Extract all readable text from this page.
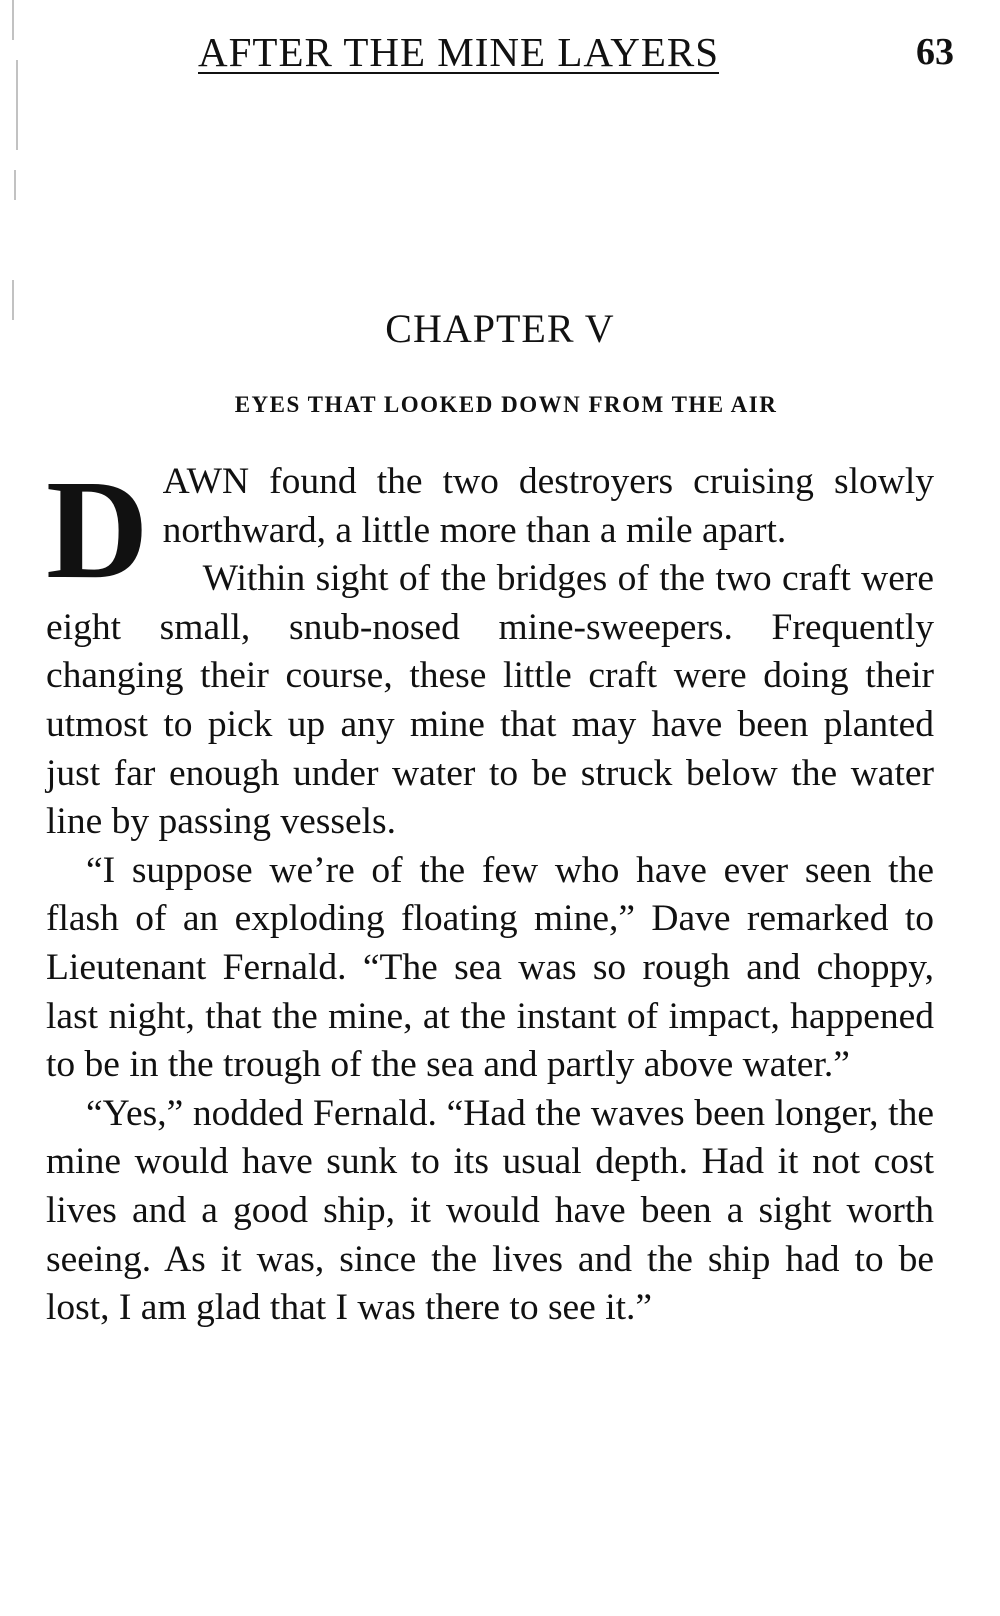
AFTER THE MINE LAYERS	63
CHAPTER V
EYES THAT LOOKED DOWN FROM THE AIR

DAWN found the two destroyers cruising slowly northward, a little more than a mile apart.

Within sight of the bridges of the two craft were eight small, snub-nosed mine-sweepers. Frequently changing their course, these little craft were doing their utmost to pick up any mine that may have been planted just far enough under water to be struck below the water line by passing vessels.

“I suppose we’re of the few who have ever seen the flash of an exploding floating mine,” Dave remarked to Lieutenant Fernald. “The sea was so rough and choppy, last night, that the mine, at the instant of impact, happened to be in the trough of the sea and partly above water.”

“Yes,” nodded Fernald. “Had the waves been longer, the mine would have sunk to its usual depth. Had it not cost lives and a good ship, it would have been a sight worth seeing. As it was, since the lives and the ship had to be lost, I am glad that I was there to see it.”
